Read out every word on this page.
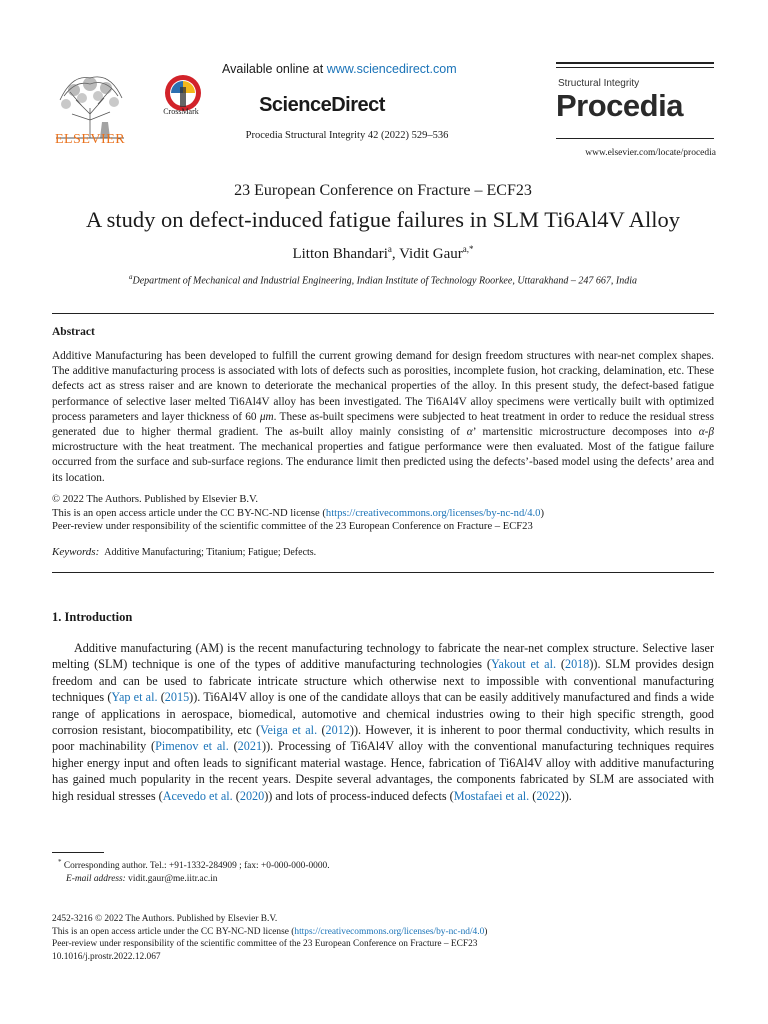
ELSEVIER
CrossMark
Available online at www.sciencedirect.com
ScienceDirect
Procedia Structural Integrity 42 (2022) 529–536
Structural Integrity
Procedia
www.elsevier.com/locate/procedia
23 European Conference on Fracture – ECF23
A study on defect-induced fatigue failures in SLM Ti6Al4V Alloy
Litton Bhandari$^a$, Vidit Gaur$^{a,*}$
$^a$Department of Mechanical and Industrial Engineering, Indian Institute of Technology Roorkee, Uttarakhand – 247 667, India
Abstract
Additive Manufacturing has been developed to fulfill the current growing demand for design freedom structures with near-net complex shapes. The additive manufacturing process is associated with lots of defects such as porosities, incomplete fusion, hot cracking, delamination, etc. These defects act as stress raiser and are known to deteriorate the mechanical properties of the alloy. In this present study, the defect-based fatigue performance of selective laser melted Ti6Al4V alloy has been investigated. The Ti6Al4V alloy specimens were vertically built with optimized process parameters and layer thickness of 60 μm. These as-built specimens were subjected to heat treatment in order to reduce the residual stress generated due to higher thermal gradient. The as-built alloy mainly consisting of α’ martensitic microstructure decomposes into α-β microstructure with the heat treatment. The mechanical properties and fatigue performance were then evaluated. Most of the fatigue failure occurred from the surface and sub-surface regions. The endurance limit then predicted using the defects’-based model using the defects’ area and its location.
© 2022 The Authors. Published by Elsevier B.V.
This is an open access article under the CC BY-NC-ND license (https://creativecommons.org/licenses/by-nc-nd/4.0)
Peer-review under responsibility of the scientific committee of the 23 European Conference on Fracture – ECF23
Keywords: Additive Manufacturing; Titanium; Fatigue; Defects.
1. Introduction
Additive manufacturing (AM) is the recent manufacturing technology to fabricate the near-net complex structure. Selective laser melting (SLM) technique is one of the types of additive manufacturing technologies (Yakout et al. (2018)). SLM provides design freedom and can be used to fabricate intricate structure which otherwise next to impossible with conventional manufacturing techniques (Yap et al. (2015)). Ti6Al4V alloy is one of the candidate alloys that can be easily additively manufactured and finds a wide range of applications in aerospace, biomedical, automotive and chemical industries owing to their high specific strength, good corrosion resistant, biocompatibility, etc (Veiga et al. (2012)). However, it is inherent to poor thermal conductivity, which results in poor machinability (Pimenov et al. (2021)). Processing of Ti6Al4V alloy with the conventional manufacturing techniques requires higher energy input and often leads to significant material wastage. Hence, fabrication of Ti6Al4V alloy with additive manufacturing has gained much popularity in the recent years. Despite several advantages, the components fabricated by SLM are associated with high residual stresses (Acevedo et al. (2020)) and lots of process-induced defects (Mostafaei et al. (2022)).
* Corresponding author. Tel.: +91-1332-284909 ; fax: +0-000-000-0000.
E-mail address: vidit.gaur@me.iitr.ac.in
2452-3216 © 2022 The Authors. Published by Elsevier B.V.
This is an open access article under the CC BY-NC-ND license (https://creativecommons.org/licenses/by-nc-nd/4.0)
Peer-review under responsibility of the scientific committee of the 23 European Conference on Fracture – ECF23
10.1016/j.prostr.2022.12.067
